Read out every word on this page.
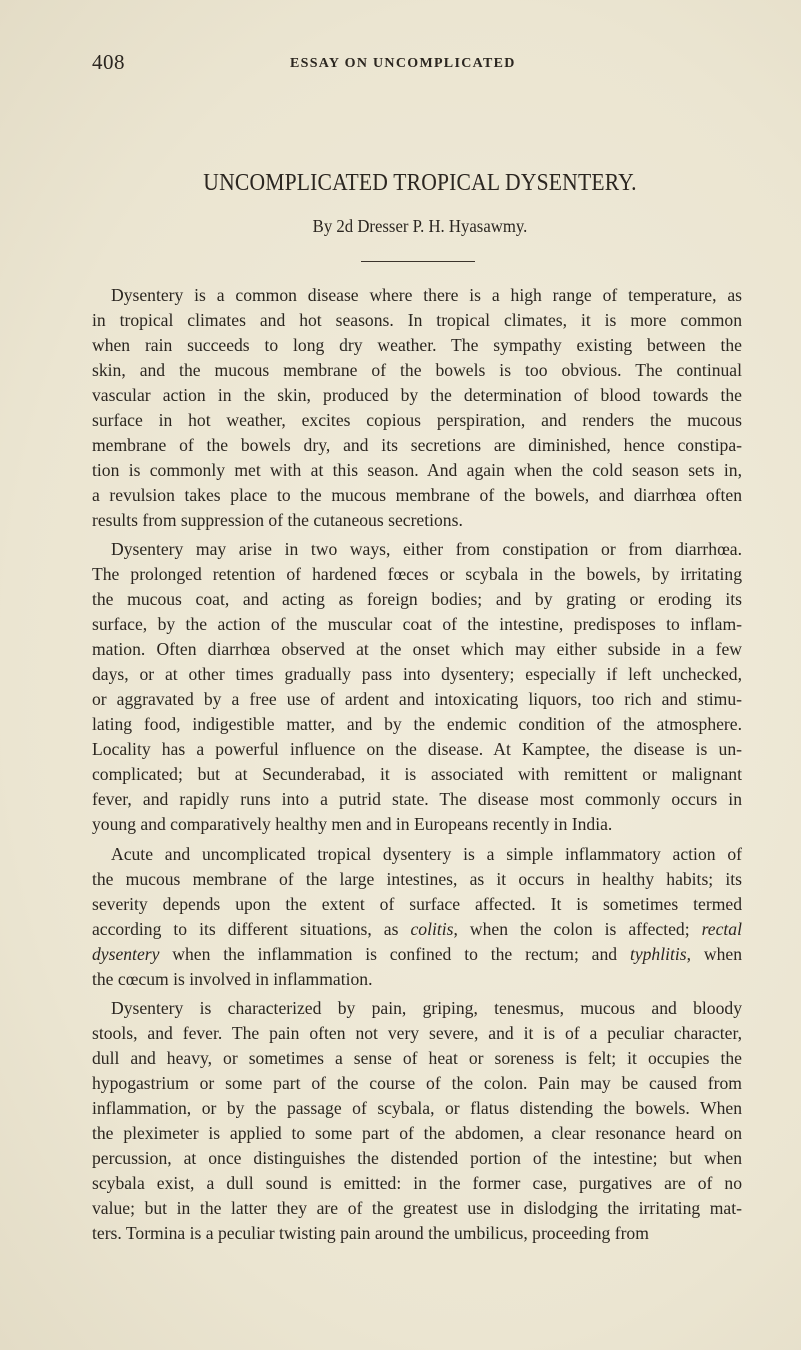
408	ESSAY ON UNCOMPLICATED
UNCOMPLICATED TROPICAL DYSENTERY.
By 2d Dresser P. H. Hyasawmy.
Dysentery is a common disease where there is a high range of temperature, as
in tropical climates and hot seasons. In tropical climates, it is more common
when rain succeeds to long dry weather. The sympathy existing between the
skin, and the mucous membrane of the bowels is too obvious. The continual
vascular action in the skin, produced by the determination of blood towards the
surface in hot weather, excites copious perspiration, and renders the mucous
membrane of the bowels dry, and its secretions are diminished, hence constipa-
tion is commonly met with at this season. And again when the cold season sets in,
a revulsion takes place to the mucous membrane of the bowels, and diarrhœa often
results from suppression of the cutaneous secretions.
Dysentery may arise in two ways, either from constipation or from diarrhœa.
The prolonged retention of hardened fœces or scybala in the bowels, by irritating
the mucous coat, and acting as foreign bodies; and by grating or eroding its
surface, by the action of the muscular coat of the intestine, predisposes to inflam-
mation. Often diarrhœa observed at the onset which may either subside in a few
days, or at other times gradually pass into dysentery; especially if left unchecked,
or aggravated by a free use of ardent and intoxicating liquors, too rich and stimu-
lating food, indigestible matter, and by the endemic condition of the atmosphere.
Locality has a powerful influence on the disease. At Kamptee, the disease is un-
complicated; but at Secunderabad, it is associated with remittent or malignant
fever, and rapidly runs into a putrid state. The disease most commonly occurs in
young and comparatively healthy men and in Europeans recently in India.
Acute and uncomplicated tropical dysentery is a simple inflammatory action of
the mucous membrane of the large intestines, as it occurs in healthy habits; its
severity depends upon the extent of surface affected. It is sometimes termed
according to its different situations, as colitis, when the colon is affected; rectal
dysentery when the inflammation is confined to the rectum; and typhlitis, when
the cœcum is involved in inflammation.
Dysentery is characterized by pain, griping, tenesmus, mucous and bloody
stools, and fever. The pain often not very severe, and it is of a peculiar character,
dull and heavy, or sometimes a sense of heat or soreness is felt; it occupies the
hypogastrium or some part of the course of the colon. Pain may be caused from
inflammation, or by the passage of scybala, or flatus distending the bowels. When
the pleximeter is applied to some part of the abdomen, a clear resonance heard on
percussion, at once distinguishes the distended portion of the intestine; but when
scybala exist, a dull sound is emitted: in the former case, purgatives are of no
value; but in the latter they are of the greatest use in dislodging the irritating mat-
ters. Tormina is a peculiar twisting pain around the umbilicus, proceeding from
